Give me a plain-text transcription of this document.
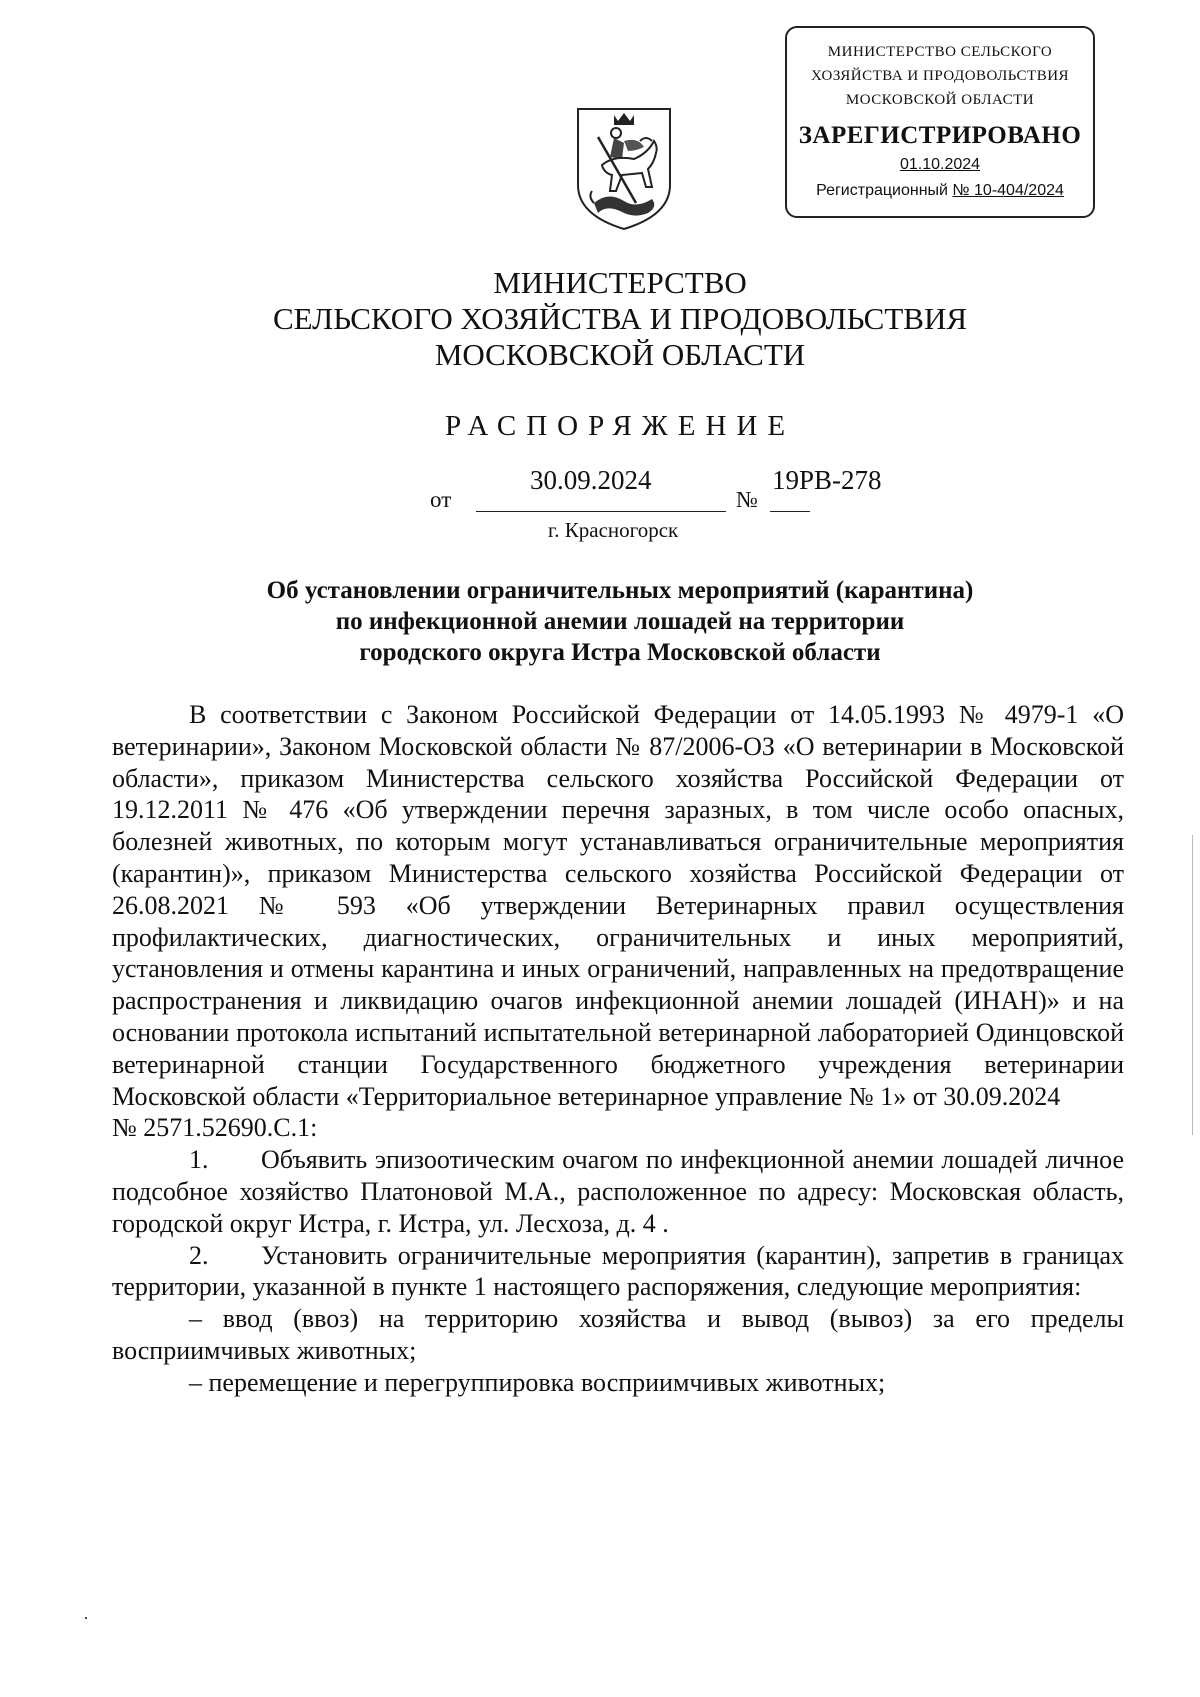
МИНИСТЕРСТВО СЕЛЬСКОГО
ХОЗЯЙСТВА И ПРОДОВОЛЬСТВИЯ
МОСКОВСКОЙ ОБЛАСТИ
ЗАРЕГИСТРИРОВАНО
01.10.2024
Регистрационный № 10-404/2024
МИНИСТЕРСТВО
СЕЛЬСКОГО ХОЗЯЙСТВА И ПРОДОВОЛЬСТВИЯ
МОСКОВСКОЙ ОБЛАСТИ
РАСПОРЯЖЕНИЕ
от
30.09.2024
№
19РВ-278
г. Красногорск
Об установлении ограничительных мероприятий (карантина)
по инфекционной анемии лошадей на территории
городского округа Истра Московской области

В соответствии с Законом Российской Федерации от 14.05.1993 № 4979-1 «О ветеринарии», Законом Московской области № 87/2006-ОЗ «О ветеринарии в Московской области», приказом Министерства сельского хозяйства Российской Федерации от 19.12.2011 № 476 «Об утверждении перечня заразных, в том числе особо опасных, болезней животных, по которым могут устанавливаться ограничительные мероприятия (карантин)», приказом Министерства сельского хозяйства Российской Федерации от 26.08.2021 № 593 «Об утверждении Ветеринарных правил осуществления профилактических, диагностических, ограничительных и иных мероприятий, установления и отмены карантина и иных ограничений, направленных на предотвращение распространения и ликвидацию очагов инфекционной анемии лошадей (ИНАН)» и на основании протокола испытаний испытательной ветеринарной лабораторией Одинцовской ветеринарной станции Государственного бюджетного учреждения ветеринарии Московской области «Территориальное ветеринарное управление № 1» от 30.09.2024

№ 2571.52690.С.1:

1. Объявить эпизоотическим очагом по инфекционной анемии лошадей личное подсобное хозяйство Платоновой М.А., расположенное по адресу: Московская область, городской округ Истра, г. Истра, ул. Лесхоза, д. 4 .

2. Установить ограничительные мероприятия (карантин), запретив в границах территории, указанной в пункте 1 настоящего распоряжения, следующие мероприятия:

– ввод (ввоз) на территорию хозяйства и вывод (вывоз) за его пределы восприимчивых животных;

– перемещение и перегруппировка восприимчивых животных;
